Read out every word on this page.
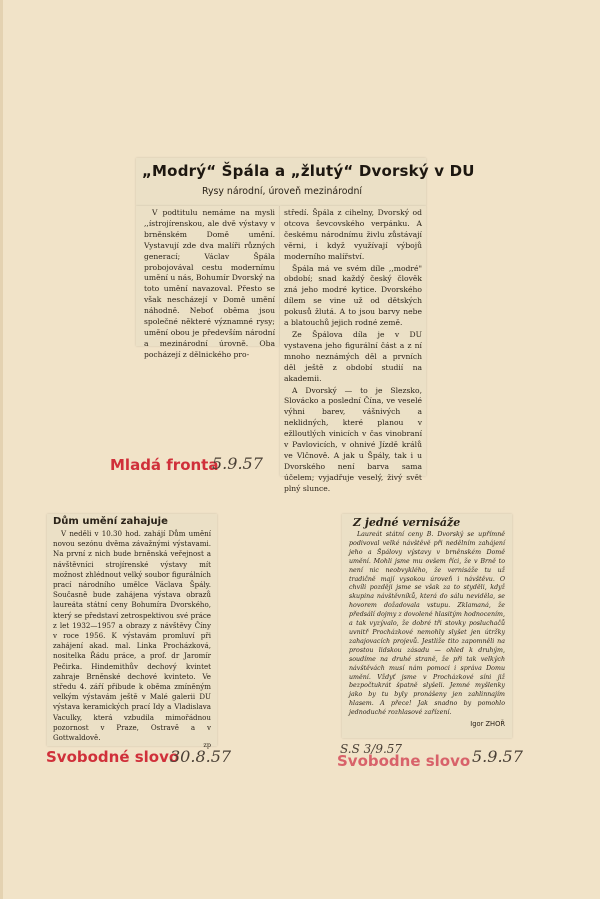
„Modrý“ Špála a „žlutý“ Dvorský v DU
Rysy národní, úroveň mezinárodní

V podtitulu nemáme na mysli ,,ístrojírenskou, ale dvě výstavy v brněnském Domě umění. Vystavují zde dva malíři různých generací; Václav Špála probojovával cestu modernímu umění u nás, Bohumír Dvorský na toto umění navazoval. Přesto se však nescházejí v Domě umění náhodně. Neboť oběma jsou společné některé významné rysy; umění obou je především národní a mezinárodní úrovně. Oba pocházejí z dělnického pro-

středí. Špála z cihelny, Dvorský od otcova ševcovského verpánku. A českému národnímu živlu zůstávají věrni, i když využívají výbojů moderního malířství.

Špála má ve svém díle ,,modré" období; snad každý český člověk zná jeho modré kytice. Dvorského dílem se vine už od dětských pokusů žlutá. A to jsou barvy nebe a blatouchů jejich rodné země.

Ze Špálova díla je v DU vystavena jeho figurální část a z ní mnoho neznámých děl a prvních děl ještě z období studií na akademii.

A Dvorský — to je Slezsko, Slovácko a poslední Čína, ve veselé výhni barev, vášnivých a neklidných, které planou v ežlloutlých vinicích v čas vinobraní v Pavlovicích, v ohnivé Jízdě králů ve Vlčnově. A jak u Špály, tak i u Dvorského není barva sama účelem; vyjadřuje veselý, živý svět plný slunce.

Mladá fronta
5.9.57
Dům umění zahajuje

V neděli v 10.30 hod. zahájí Dům umění novou sezónu dvěma závažnými výstavami. Na první z nich bude brněnská veřejnost a návštěvníci strojírenské výstavy mít možnost zhlédnout velký soubor figurálních prací národního umělce Václava Špály. Současně bude zahájena výstava obrazů laureáta státní ceny Bohumíra Dvorského, který se představí zetrospektivou své práce z let 1932—1957 a obrazy z návštěvy Číny v roce 1956. K výstavám promluví při zahájení akad. mal. Linka Procházková, nositelka Řádu práce, a prof. dr Jaromír Pečirka. Hindemithův dechový kvintet zahraje Brněnské dechové kvinteto. Ve středu 4. září přibude k oběma zmíněným velkým výstavám ještě v Malé galerii DU výstava keramických prací Idy a Vladislava Vaculky, která vzbudila mimořádnou pozornost v Praze, Ostravě a v Gottwaldově.

zp
Z jedné vernisáže

Laureát státní ceny B. Dvorský se upřímně podivoval velké návštěvě při nedělním zahájení jeho a Špálovy výstavy v brněnském Domě umění. Mohli jsme mu ovšem říci, že v Brně to není nic neobvyklého, že vernisáže tu už tradičně mají vysokou úroveň i návštěvu. O chvíli později jsme se však za to styděli, když skupina návštěvníků, která do sálu neviděla, se hovorem dožadovala vstupu. Zklamaná, že předsálí dojmy z dovolené hlasitým hodnocením, a tak vyzývalo, že dobré tři stovky posluchačů uvnitř Procházkové nemohly slyšet jen útržky zahajovacích projevů. Jestliže tito zapomněli na prostou lidskou zásadu — ohled k druhým, soudíme na druhé straně, že při tak velkých návštěvách musí nám pomoci i správa Domu umění. Vždyť jsme v Procházkové síni již bezpočtukrát špatně slyšeli. Jemné myšlenky jako by tu byly pronášeny jen zahlinnajím hlasem. A přece! Jak snadno by pomohlo jednoduché rozhlasové zařízení.

Igor ZHOŘ
Svobodné slovo
30.8.57	S.S 3/9.57
Svobodne slovo 5.9.57
